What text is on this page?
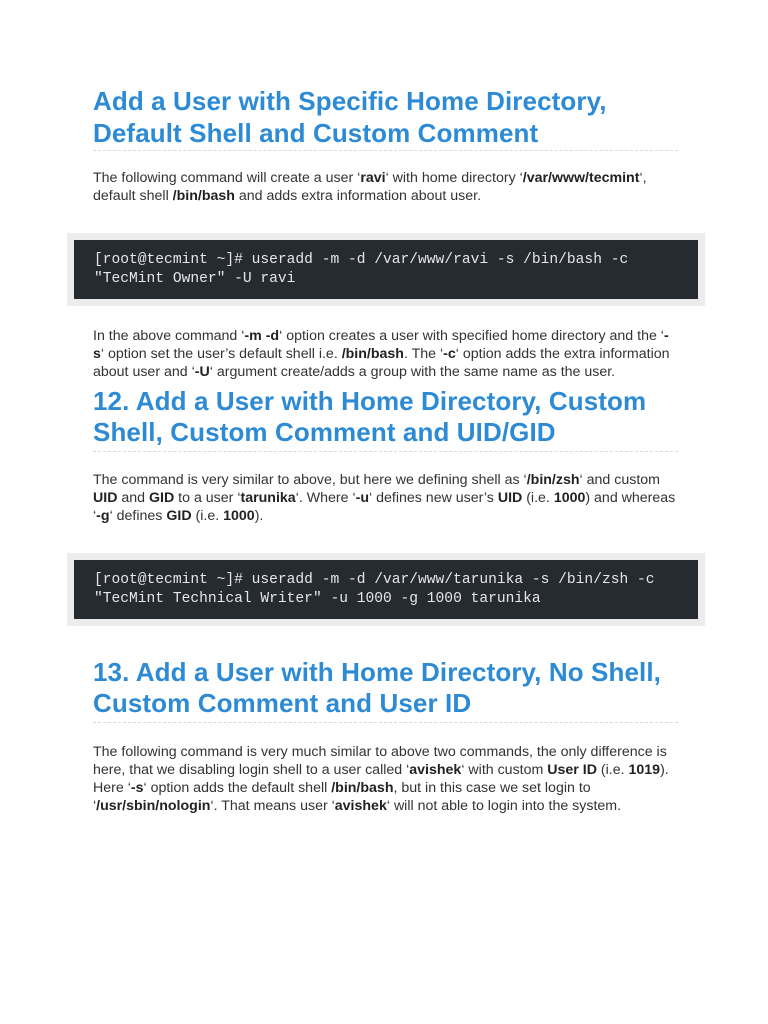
Add a User with Specific Home Directory, Default Shell and Custom Comment

The following command will create a user ‘ravi‘ with home directory ‘/var/www/tecmint‘, default shell /bin/bash and adds extra information about user.

[root@tecmint ~]# useradd -m -d /var/www/ravi -s /bin/bash -c "TecMint Owner" -U ravi

In the above command ‘-m -d‘ option creates a user with specified home directory and the ‘-s‘ option set the user’s default shell i.e. /bin/bash. The ‘-c‘ option adds the extra information about user and ‘-U‘ argument create/adds a group with the same name as the user.

12. Add a User with Home Directory, Custom Shell, Custom Comment and UID/GID

The command is very similar to above, but here we defining shell as ‘/bin/zsh‘ and custom UID and GID to a user ‘tarunika‘. Where ‘-u‘ defines new user’s UID (i.e. 1000) and whereas ‘-g‘ defines GID (i.e. 1000).

[root@tecmint ~]# useradd -m -d /var/www/tarunika -s /bin/zsh -c "TecMint Technical Writer" -u 1000 -g 1000 tarunika
13. Add a User with Home Directory, No Shell, Custom Comment and User ID

The following command is very much similar to above two commands, the only difference is here, that we disabling login shell to a user called ‘avishek‘ with custom User ID (i.e. 1019).

Here ‘-s‘ option adds the default shell /bin/bash, but in this case we set login to ‘/usr/sbin/nologin‘. That means user ‘avishek‘ will not able to login into the system.
